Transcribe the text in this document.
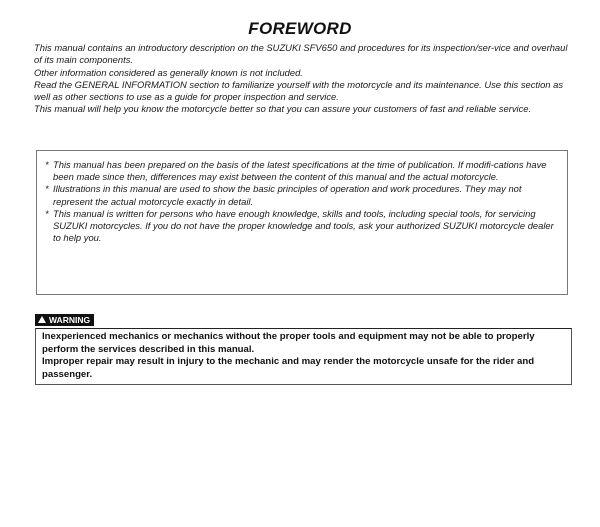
FOREWORD

This manual contains an introductory description on the SUZUKI SFV650 and procedures for its inspection/ser-vice and overhaul of its main components.

Other information considered as generally known is not included.

Read the GENERAL INFORMATION section to familiarize yourself with the motorcycle and its maintenance. Use this section as well as other sections to use as a guide for proper inspection and service.

This manual will help you know the motorcycle better so that you can assure your customers of fast and reliable service.

* This manual has been prepared on the basis of the latest specifications at the time of publication. If modifi-cations have been made since then, differences may exist between the content of this manual and the actual motorcycle.
* Illustrations in this manual are used to show the basic principles of operation and work procedures. They may not represent the actual motorcycle exactly in detail.
* This manual is written for persons who have enough knowledge, skills and tools, including special tools, for servicing SUZUKI motorcycles. If you do not have the proper knowledge and tools, ask your authorized SUZUKI motorcycle dealer to help you.
WARNING

Inexperienced mechanics or mechanics without the proper tools and equipment may not be able to properly perform the services described in this manual.

Improper repair may result in injury to the mechanic and may render the motorcycle unsafe for the rider and passenger.
